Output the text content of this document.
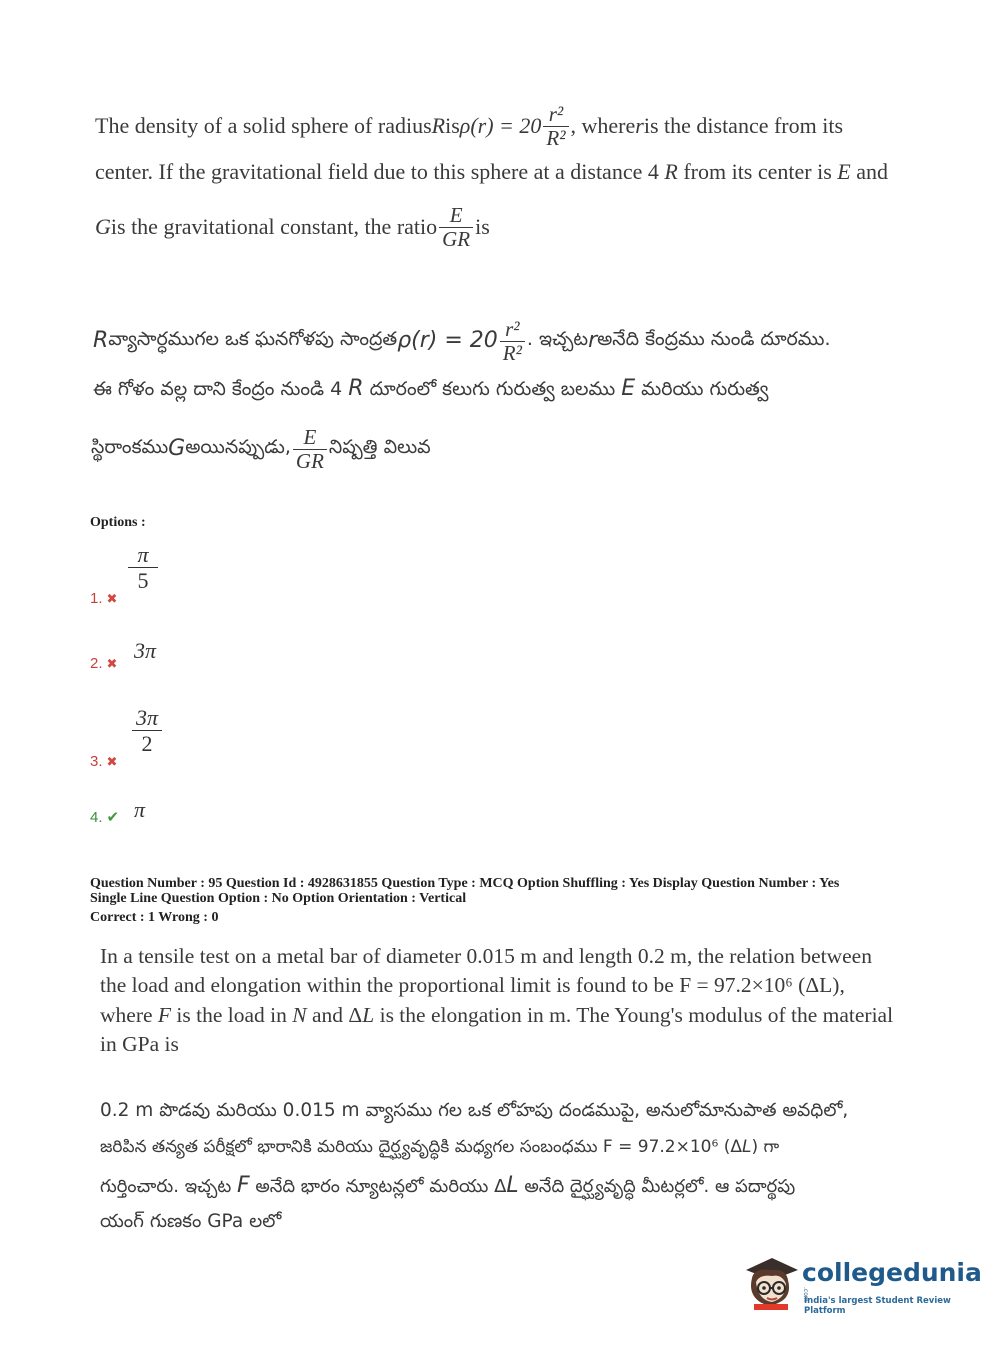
The density of a solid sphere of radius R is $\rho(r) = 20 \frac{\text{r²}}{\text{R²}}$ , where r is the distance from its
center. If the gravitational field due to this sphere at a distance 4 R from its center is E and
G is the gravitational constant, the ratio $\frac{E}{GR}$ is
R వ్యాసార్ధముగల ఒక ఘనగోళపు సాంద్రత $\rho(r) = 20 \frac{\text{r²}}{\text{R²}}$ . ఇచ్చట r అనేది కేంద్రము నుండి దూరము.
ఈ గోళం వల్ల దాని కేంద్రం నుండి 4 R దూరంలో కలుగు గురుత్వ బలము E మరియు గురుత్వ
స్థిరాంకము G అయినప్పుడు, $\frac{E}{GR}$ నిష్పత్తి విలువ
Options :
1. ✖
π
5
2. ✖
3π
3. ✖
3π
2
4. ✔ π
Question Number : 95 Question Id : 4928631855 Question Type : MCQ Option Shuffling : Yes Display Question Number : Yes
Single Line Question Option : No Option Orientation : Vertical
Correct : 1 Wrong : 0
In a tensile test on a metal bar of diameter 0.015 m and length 0.2 m, the relation between
the load and elongation within the proportional limit is found to be F = 97.2×10⁶ (ΔL),
where F is the load in N and ΔL is the elongation in m. The Young's modulus of the material
in GPa is
0.2 m పొడవు మరియు 0.015 m వ్యాసము గల ఒక లోహపు దండముపై, అనులోమానుపాత అవధిలో,
జరిపిన తన్యత పరీక్షలో భారానికి మరియు దైర్ఘ్యవృద్ధికి మధ్యగల సంబంధము F = 97.2×10⁶ (ΔL) గా
గుర్తించారు. ఇచ్చట F అనేది భారం న్యూటన్లలో మరియు ΔL అనేది దైర్ఘ్యవృద్ధి మీటర్లలో. ఆ పదార్థపు
యంగ్ గుణకం GPa లలో
collegedunia.com
India's largest Student Review Platform
